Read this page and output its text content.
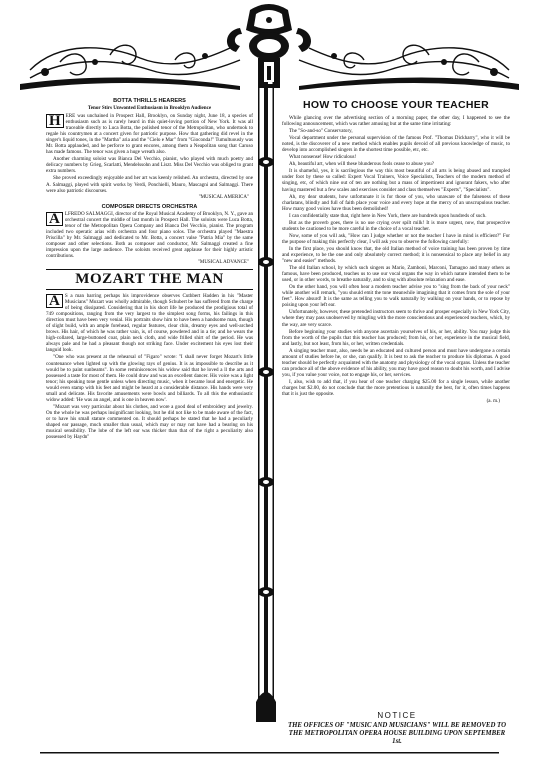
BOTTA THRILLS HEARERS

Tenor Stirs Unwonted Enthusiasm in Brooklyn Audience

H ERE was unchained in Prospect Hall, Brooklyn, on Sunday night, June 18, a species of enthusiasm such as is rarely heard in this quiet-loving portion of New York. It was all traceable directly to Luca Botta, the polished tenor of the Metropolitan, who undertook to regale his countrymen at a concert given for patriotic purpose. How that gathering did revel in the singer's liquid tones, in the "Martha" aria and the "Cielo e Mar" from "Gioconda!" Tumultuously was Mr. Botta applauded, and he perforce to grant encores, among them a Neapolitan song that Caruso has made famous. The tenor was given a huge wreath also.

Another charming soloist was Bianca Del Vecchio, pianist, who played with much poetry and delicacy numbers by Grieg, Scarlatti, Mendelssohn and Liszt. Miss Del Vecchio was obliged to grant extra numbers.

She proved exceedingly enjoyable and her art was keenly relished. An orchestra, directed by one A. Salmaggi, played with spirit works by Verdi, Ponchielli, Mauro, Mascagni and Salmaggi. There were also patriotic discourses.

"MUSICAL AMERICA"

COMPOSER DIRECTS ORCHESTRA

A LFREDO SALMAGGI, director of the Royal Musical Academy of Brooklyn, N. Y., gave an orchestral concert the middle of last month in Prospect Hall. The soloists were Luca Botta, tenor of the Metropolitan Opera Company and Bianca Del Vecchio, pianist. The program included two operatic arias with orchestra and four piano solos. The orchestra played "Maestra Priscilla" by Mr. Salmaggi and dedicated to Mr. Botta, a concert valse "Patria Mia" by the same composer and other selections. Both as composer and conductor, Mr. Salmaggi created a fine impression upon the large audience. The soloists received great applause for their highly artistic contributions.

"MUSICAL ADVANCE"

MOZART THE MAN

A S a man barring perhaps his improvidence observes Cuthbert Hadden in his "Master Musicians" Mozart was wholly admirable, though Schubert be has suffered from the charge of being dissipated. Considering that in his short life he produced the prodigious total of 749 compositions, ranging from the very largest to the simplest song forms, his failings in this direction must have been very venial. His portraits show him to have been a handsome man, though of slight build, with an ample forehead, regular features, clear chin, dreamy eyes and well-arched brows. His hair, of which he was rather vain, is, of course, powdered and in a tie; and he wears the high-collared, large-buttoned coat, plain neck cloth, and wide frilled shirt of the period. He was always pale and he had a pleasant though not striking face. Under excitement his eyes lost their languid look.

"One who was present at the rehearsal of "Figaro" wrote: "I shall never forget Mozart's little countenance when lighted up with the glowing rays of genius. It is as impossible to describe as it would be to paint sunbeams". In some reminiscences his widow said that he loved a ll the arts and possessed a taste for most of them. He could draw and was an excellent dancer. His voice was a light tenor; his speaking tone gentle unless when directing music, when it became loud and energetic. He would even stamp with his feet and might be heard at a considerable distance. His hands were very small and delicate. His favorite amusements were bowls and billiards. To all this the enthusiastic widow added: 'He was an angel, and is one in heaven now'.

"Mozart was very particular about his clothes, and wore a good deal of embroidery and jewelry. On the whole he was perhaps insignificant looking, but he did not like to be made aware of the fact, or to have his small stature commented on. It should perhaps be stated that he had a peculiarly shaped ear passage, much smaller than usual, which may or may not have had a bearing on his musical sensibility. The lobe of the left ear was thicker than that of the right a peculiarity also possessed by Haydn"

HOW TO CHOOSE YOUR TEACHER

While glancing over the advertising section of a morning paper, the other day, I happened to see the following announcement, which was rather amusing but at the same time irritating:

The "So-and-so" Conservatory,

Vocal department under the personal supervision of the famous Prof. "Thomas Dickharry", who it will be noted, is the discoverer of a new method which enables pupils devoid of all previous knowledge of music, to develop into accomplished singers in the shortest time possible, etc, etc.

What nonsense! How ridiculous!

Ah, beautiful art, when will these blunderous fools cease to abuse you?

It is shameful, yes, it is sacrilegious the way this most beautiful of all arts is being abused and trampled under foot by these so called: Expert Vocal Trainers, Voice Specialists, Teachers of the modern method of singing, etc, of which nine out of ten are nothing but a mass of impertinent and ignorant fakers, who after having mastered but a few scales and exercises consider and class themselves "Experts", "Specialists".

Ah, my dear students, how unfortunate it is for those of you, who unaware of the falseness of these charlatans, blindly and full of faith place your voice and every hope at the mercy of an unscrupulous teacher. How many good voices have thus been demolished!

I can confidentially state that, right here in New York, there are hundreds upon hundreds of such.

But as the proverb goes, there is no use crying over spilt milk! It is more urgent, now, that prospective students be cautioned to be more careful in the choice of a vocal teacher.

Now, some of you will ask, "How can I judge whether or not the teacher I have in mind is efficient?" For the purpose of making this perfectly clear, I will ask you to observe the following carefully:

In the first place, you should know that, the old Italian method of voice training has been proven by time and experience, to be the one and only absolutely correct method; it is nonsensical to place any belief in any "new and easier" methods.

The old Italian school, by which such singers as Mario, Zamboni, Marconi, Tamagno and many others as famous, have been produced, teaches us to use our vocal organs the way in which nature intended them to be used, or in other words, to breathe naturally, and to sing with absolute relaxation and ease.

On the other hand, you will often hear a modern teacher advise you to "sing from the back of your neck" while another will remark, "you should emit the tone meanwhile imagining that it comes from the sole of your feet". How absurd! It is the same as telling you to walk naturally by walking on your hands, or to repose by poising upon your left ear.

Unfortunately, however, these pretended instructors seem to thrive and prosper especially in New York City, where they may pass unobserved by mingling with the more conscientious and experienced teachers, which, by the way, are very scarce.

Before beginning your studies with anyone ascertain yourselves of his, or her, ability. You may judge this from the worth of the pupils that this teacher has produced; from his, or her, experience in the musical field, and lastly, but not least, from his, or her, written credentials.

A singing teacher must, also, needs be an educated and cultured person and must have undergone a certain amount of studies before he, or she, can qualify. It is best to ask the teacher to produce his diplomas. A good teacher should be perfectly acquainted with the anatomy and physiology of the vocal organs. Unless the teacher can produce all of the above evidence of his ability, you may have good reason to doubt his worth, and I advise you, if you value your voice, not to engage his, or her, services.

I, also, wish to add that, if you hear of one teacher charging $25.00 for a single lesson, while another charges but $2.00, do not conclude that the more pretentious is naturally the best, for it, often times happens that it is just the opposite.

(a. m.)

NOTICE

THE OFFICES OF "MUSIC AND MUSICIANS" WILL BE REMOVED TO THE METROPOLITAN OPERA HOUSE BUILDING UPON SEPTEMBER 1st.
